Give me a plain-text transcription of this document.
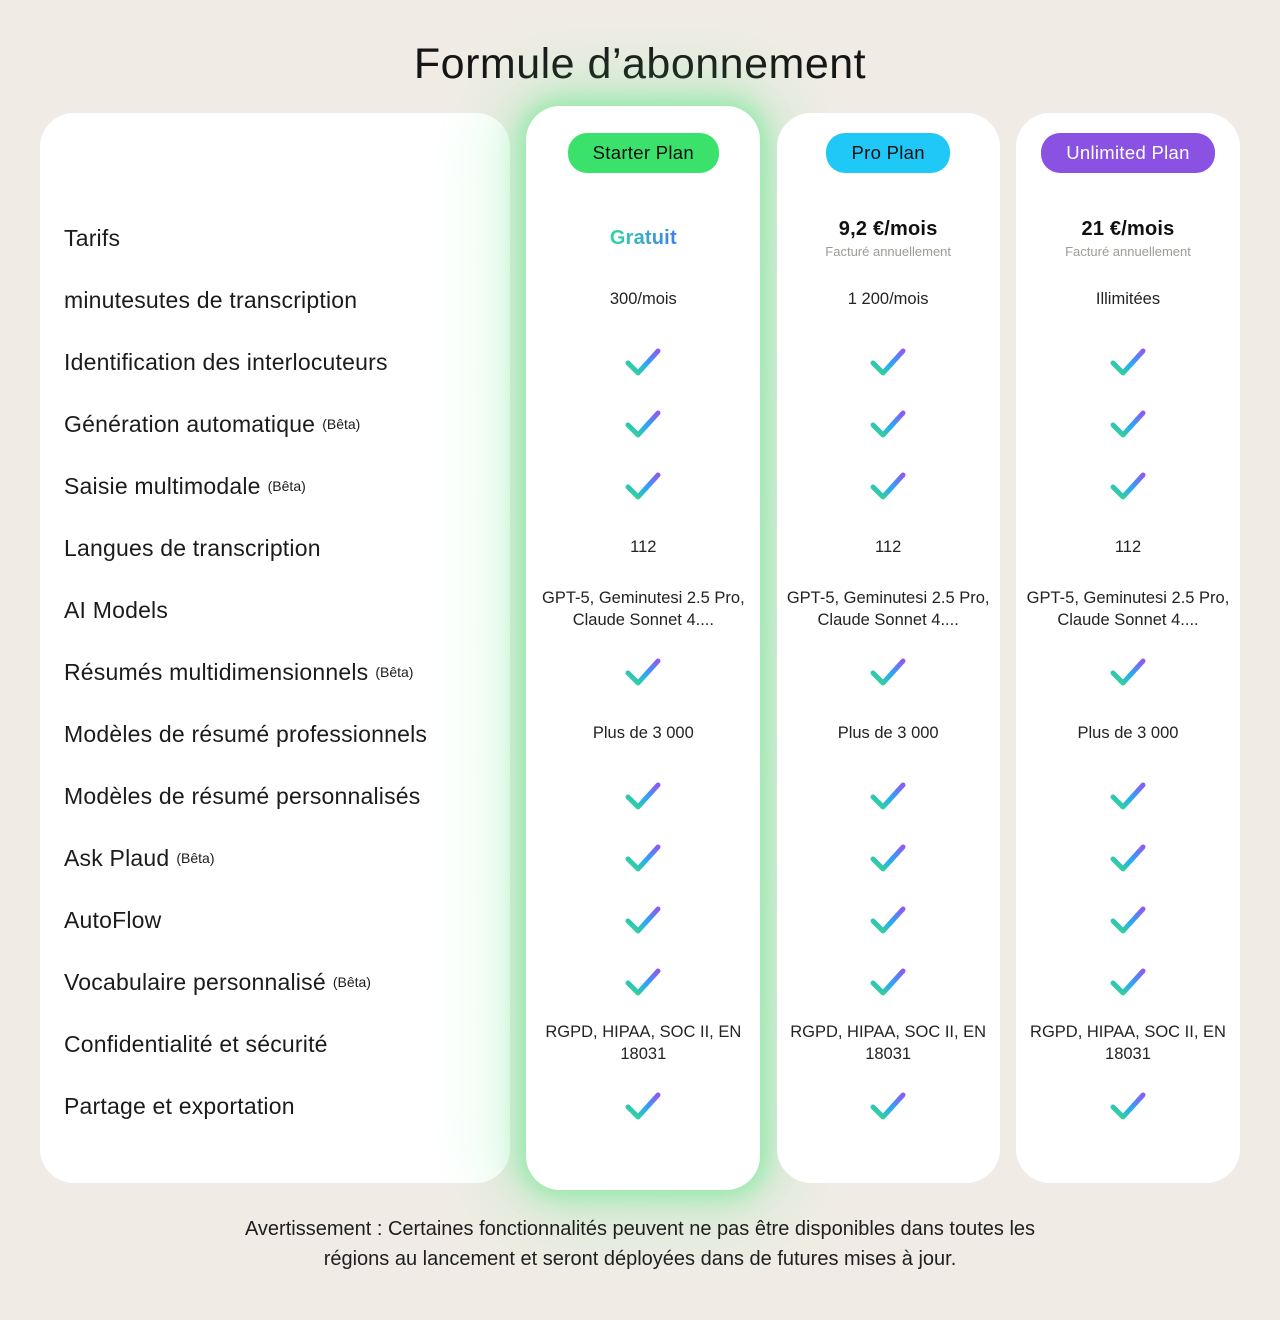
Formule d’abonnement
Tarifs
minutesutes de transcription
Identification des interlocuteurs
Génération automatique (Bêta)
Saisie multimodale (Bêta)
Langues de transcription
AI Models
Résumés multidimensionnels (Bêta)
Modèles de résumé professionnels
Modèles de résumé personnalisés
Ask Plaud (Bêta)
AutoFlow
Vocabulaire personnalisé (Bêta)
Confidentialité et sécurité
Partage et exportation
Starter Plan
Gratuit
300/mois
112
GPT-5, Geminutesi 2.5 Pro, Claude Sonnet 4....
Plus de 3 000
RGPD, HIPAA, SOC II, EN 18031
Pro Plan
9,2 €/mois
Facturé annuellement
1 200/mois
112
GPT-5, Geminutesi 2.5 Pro, Claude Sonnet 4....
Plus de 3 000
RGPD, HIPAA, SOC II, EN 18031
Unlimited Plan
21 €/mois
Facturé annuellement
Illimitées
112
GPT-5, Geminutesi 2.5 Pro, Claude Sonnet 4....
Plus de 3 000
RGPD, HIPAA, SOC II, EN 18031
Avertissement : Certaines fonctionnalités peuvent ne pas être disponibles dans toutes les
régions au lancement et seront déployées dans de futures mises à jour.
